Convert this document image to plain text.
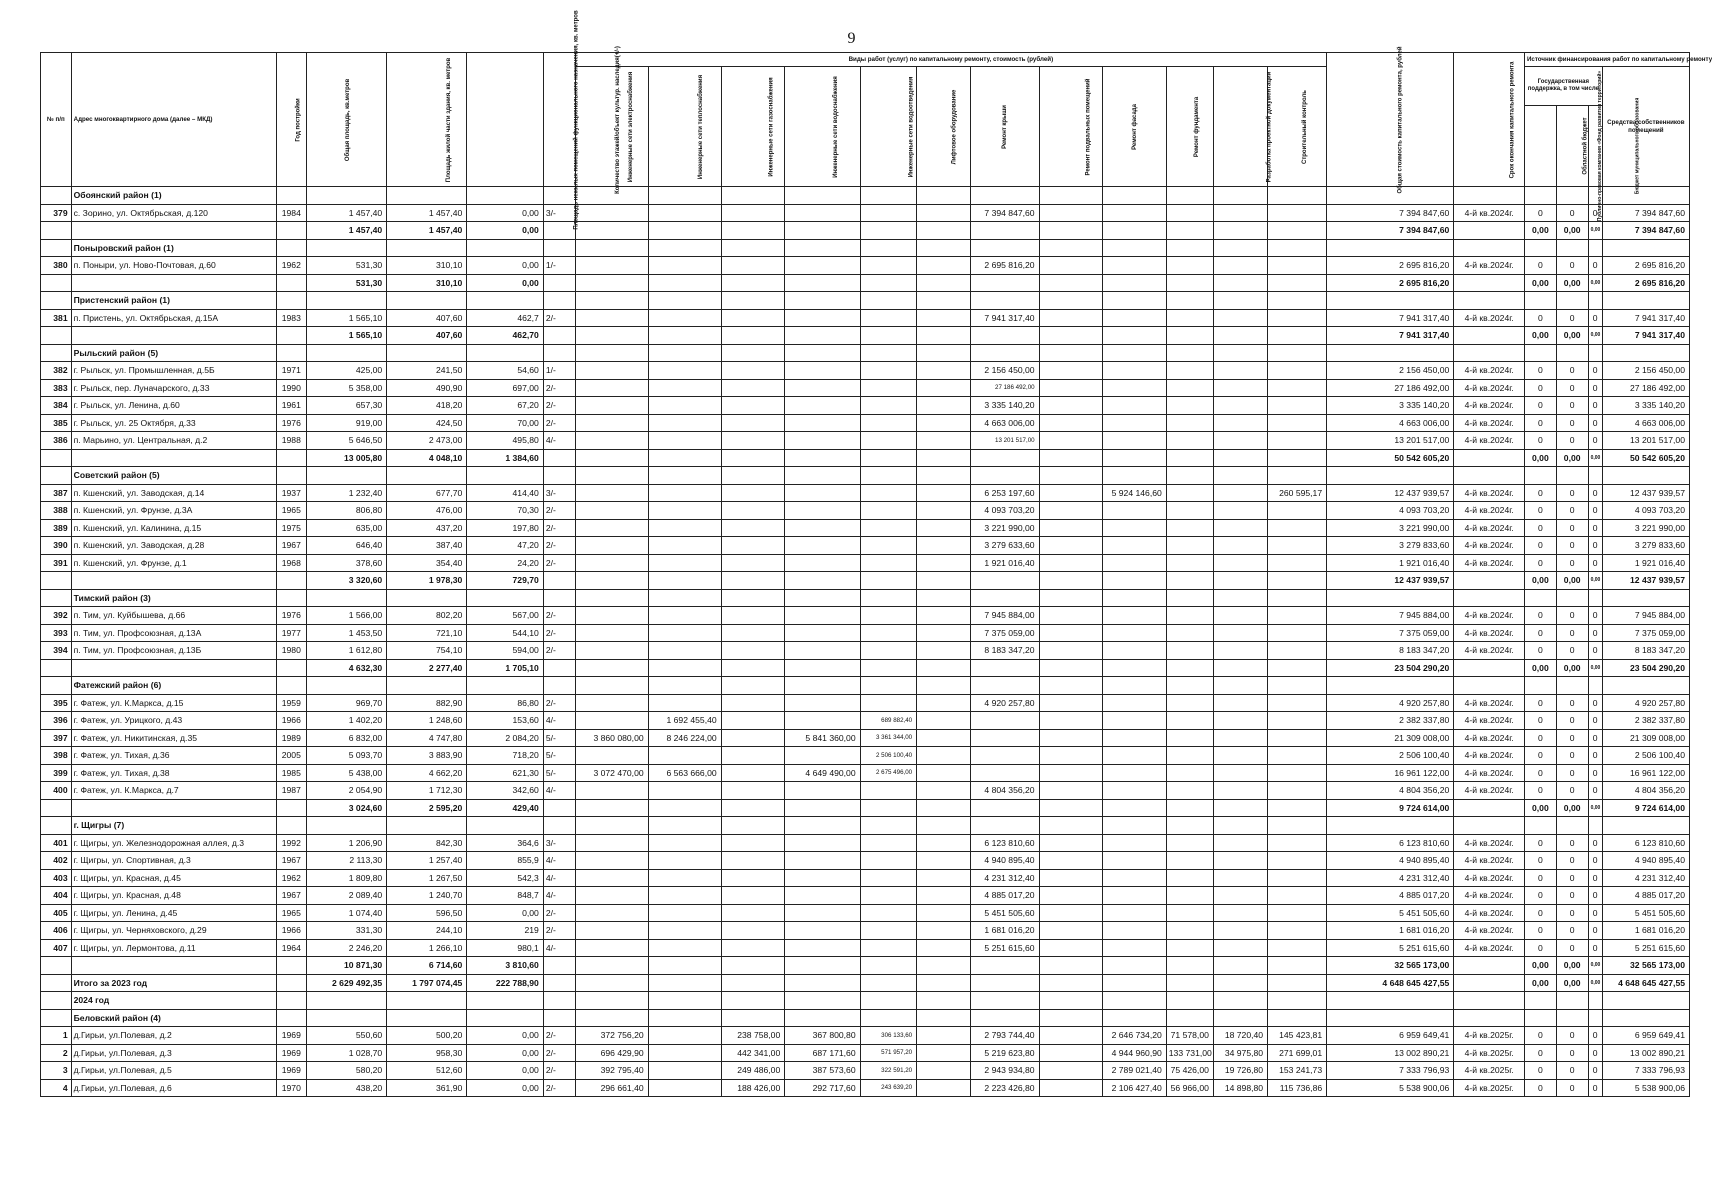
9
№ п/п	Адрес многоквартирного дома (далее – МКД)	Год постройки	Общая площадь, кв.метров	Площадь жилой части здания, кв. метров	Площадь нежилых помещений функционального назначения, кв. метров	Количество этажей/объект культур. наследия(+/-)	Виды работ (услуг) по капитальному ремонту, стоимость (рублей)												Общая стоимость капитального ремонта, рублей	Срок окончания капитального ремонта	Источник финансирования работ по капитальному ремонту			
							Инженерные сети электроснабжения	Инженерные сети теплоснабжения	Инженерные сети газоснабжения	Инженерные сети водоснабжения	Инженерные сети водоотведения	Лифтовое оборудование	Ремонт крыши	Ремонт подвальных помещений	Ремонт фасада	Ремонт фундамента	Разработка проектной документации	Строительный контроль			Государственная поддержка, в том числе			Средства собственников помещений
																					Публично-правовая компания «Фонд развития территорий»	Областной бюджет	Бюджет муниципального образования	
	Обоянский район (1)																							
379	с. Зорино, ул. Октябрьская, д.120	1984	1 457,40	1 457,40	0,00	3/-							7 394 847,60						7 394 847,60	4-й кв.2024г.	0	0	0	7 394 847,60
			1 457,40	1 457,40	0,00														7 394 847,60		0,00	0,00	0,00	7 394 847,60
	Поныровский район (1)																							
380	п. Поныри, ул. Ново-Почтовая, д.60	1962	531,30	310,10	0,00	1/-							2 695 816,20						2 695 816,20	4-й кв.2024г.	0	0	0	2 695 816,20
			531,30	310,10	0,00														2 695 816,20		0,00	0,00	0,00	2 695 816,20
	Пристенский район (1)																							
381	п. Пристень, ул. Октябрьская, д.15А	1983	1 565,10	407,60	462,7	2/-							7 941 317,40						7 941 317,40	4-й кв.2024г.	0	0	0	7 941 317,40
			1 565,10	407,60	462,70														7 941 317,40		0,00	0,00	0,00	7 941 317,40
	Рыльский район (5)																							
382	г. Рыльск, ул. Промышленная, д.5Б	1971	425,00	241,50	54,60	1/-							2 156 450,00						2 156 450,00	4-й кв.2024г.	0	0	0	2 156 450,00
383	г. Рыльск, пер. Луначарского, д.33	1990	5 358,00	490,90	697,00	2/-							27 186 492,00						27 186 492,00	4-й кв.2024г.	0	0	0	27 186 492,00
384	г. Рыльск, ул. Ленина, д.60	1961	657,30	418,20	67,20	2/-							3 335 140,20						3 335 140,20	4-й кв.2024г.	0	0	0	3 335 140,20
385	г. Рыльск, ул. 25 Октября, д.33	1976	919,00	424,50	70,00	2/-							4 663 006,00						4 663 006,00	4-й кв.2024г.	0	0	0	4 663 006,00
386	п. Марьино, ул. Центральная, д.2	1988	5 646,50	2 473,00	495,80	4/-							13 201 517,00						13 201 517,00	4-й кв.2024г.	0	0	0	13 201 517,00
			13 005,80	4 048,10	1 384,60														50 542 605,20		0,00	0,00	0,00	50 542 605,20
	Советский район (5)																							
387	п. Кшенский, ул. Заводская, д.14	1937	1 232,40	677,70	414,40	3/-							6 253 197,60		5 924 146,60			260 595,17	12 437 939,57	4-й кв.2024г.	0	0	0	12 437 939,57
388	п. Кшенский, ул. Фрунзе, д.3А	1965	806,80	476,00	70,30	2/-							4 093 703,20						4 093 703,20	4-й кв.2024г.	0	0	0	4 093 703,20
389	п. Кшенский, ул. Калинина, д.15	1975	635,00	437,20	197,80	2/-							3 221 990,00						3 221 990,00	4-й кв.2024г.	0	0	0	3 221 990,00
390	п. Кшенский, ул. Заводская, д.28	1967	646,40	387,40	47,20	2/-							3 279 633,60						3 279 833,60	4-й кв.2024г.	0	0	0	3 279 833,60
391	п. Кшенский, ул. Фрунзе, д.1	1968	378,60	354,40	24,20	2/-							1 921 016,40						1 921 016,40	4-й кв.2024г.	0	0	0	1 921 016,40
			3 320,60	1 978,30	729,70														12 437 939,57		0,00	0,00	0,00	12 437 939,57
	Тимский район (3)																							
392	п. Тим, ул. Куйбышева, д.66	1976	1 566,00	802,20	567,00	2/-							7 945 884,00						7 945 884,00	4-й кв.2024г.	0	0	0	7 945 884,00
393	п. Тим, ул. Профсоюзная, д.13А	1977	1 453,50	721,10	544,10	2/-							7 375 059,00						7 375 059,00	4-й кв.2024г.	0	0	0	7 375 059,00
394	п. Тим, ул. Профсоюзная, д.13Б	1980	1 612,80	754,10	594,00	2/-							8 183 347,20						8 183 347,20	4-й кв.2024г.	0	0	0	8 183 347,20
			4 632,30	2 277,40	1 705,10														23 504 290,20		0,00	0,00	0,00	23 504 290,20
	Фатежский район (6)																							
395	г. Фатеж, ул. К.Маркса, д.15	1959	969,70	882,90	86,80	2/-							4 920 257,80						4 920 257,80	4-й кв.2024г.	0	0	0	4 920 257,80
396	г. Фатеж, ул. Урицкого, д.43	1966	1 402,20	1 248,60	153,60	4/-		1 692 455,40			689 882,40								2 382 337,80	4-й кв.2024г.	0	0	0	2 382 337,80
397	г. Фатеж, ул. Никитинская, д.35	1989	6 832,00	4 747,80	2 084,20	5/-	3 860 080,00	8 246 224,00		5 841 360,00	3 361 344,00								21 309 008,00	4-й кв.2024г.	0	0	0	21 309 008,00
398	г. Фатеж, ул. Тихая, д.36	2005	5 093,70	3 883,90	718,20	5/-					2 506 100,40								2 506 100,40	4-й кв.2024г.	0	0	0	2 506 100,40
399	г. Фатеж, ул. Тихая, д.38	1985	5 438,00	4 662,20	621,30	5/-	3 072 470,00	6 563 666,00		4 649 490,00	2 675 496,00								16 961 122,00	4-й кв.2024г.	0	0	0	16 961 122,00
400	г. Фатеж, ул. К.Маркса, д.7	1987	2 054,90	1 712,30	342,60	4/-							4 804 356,20						4 804 356,20	4-й кв.2024г.	0	0	0	4 804 356,20
			3 024,60	2 595,20	429,40														9 724 614,00		0,00	0,00	0,00	9 724 614,00
	г. Щигры (7)																							
401	г. Щигры, ул. Железнодорожная аллея, д.3	1992	1 206,90	842,30	364,6	3/-							6 123 810,60						6 123 810,60	4-й кв.2024г.	0	0	0	6 123 810,60
402	г. Щигры, ул. Спортивная, д.3	1967	2 113,30	1 257,40	855,9	4/-							4 940 895,40						4 940 895,40	4-й кв.2024г.	0	0	0	4 940 895,40
403	г. Щигры, ул. Красная, д.45	1962	1 809,80	1 267,50	542,3	4/-							4 231 312,40						4 231 312,40	4-й кв.2024г.	0	0	0	4 231 312,40
404	г. Щигры, ул. Красная, д.48	1967	2 089,40	1 240,70	848,7	4/-							4 885 017,20						4 885 017,20	4-й кв.2024г.	0	0	0	4 885 017,20
405	г. Щигры, ул. Ленина, д.45	1965	1 074,40	596,50	0,00	2/-							5 451 505,60						5 451 505,60	4-й кв.2024г.	0	0	0	5 451 505,60
406	г. Щигры, ул. Черняховского, д.29	1966	331,30	244,10	219	2/-							1 681 016,20						1 681 016,20	4-й кв.2024г.	0	0	0	1 681 016,20
407	г. Щигры, ул. Лермонтова, д.11	1964	2 246,20	1 266,10	980,1	4/-							5 251 615,60						5 251 615,60	4-й кв.2024г.	0	0	0	5 251 615,60
			10 871,30	6 714,60	3 810,60														32 565 173,00		0,00	0,00	0,00	32 565 173,00
	Итого за 2023 год		2 629 492,35	1 797 074,45	222 788,90														4 648 645 427,55		0,00	0,00	0,00	4 648 645 427,55
	2024 год																							
	Беловский район (4)																							
1	д.Гирьи, ул.Полевая, д.2	1969	550,60	500,20	0,00	2/-	372 756,20		238 758,00	367 800,80	306 133,60		2 793 744,40		2 646 734,20	71 578,00	18 720,40	145 423,81	6 959 649,41	4-й кв.2025г.	0	0	0	6 959 649,41
2	д.Гирьи, ул.Полевая, д.3	1969	1 028,70	958,30	0,00	2/-	696 429,90		442 341,00	687 171,60	571 957,20		5 219 623,80		4 944 960,90	133 731,00	34 975,80	271 699,01	13 002 890,21	4-й кв.2025г.	0	0	0	13 002 890,21
3	д.Гирьи, ул.Полевая, д.5	1969	580,20	512,60	0,00	2/-	392 795,40		249 486,00	387 573,60	322 591,20		2 943 934,80		2 789 021,40	75 426,00	19 726,80	153 241,73	7 333 796,93	4-й кв.2025г.	0	0	0	7 333 796,93
4	д.Гирьи, ул.Полевая, д.6	1970	438,20	361,90	0,00	2/-	296 661,40		188 426,00	292 717,60	243 639,20		2 223 426,80		2 106 427,40	56 966,00	14 898,80	115 736,86	5 538 900,06	4-й кв.2025г.	0	0	0	5 538 900,06
